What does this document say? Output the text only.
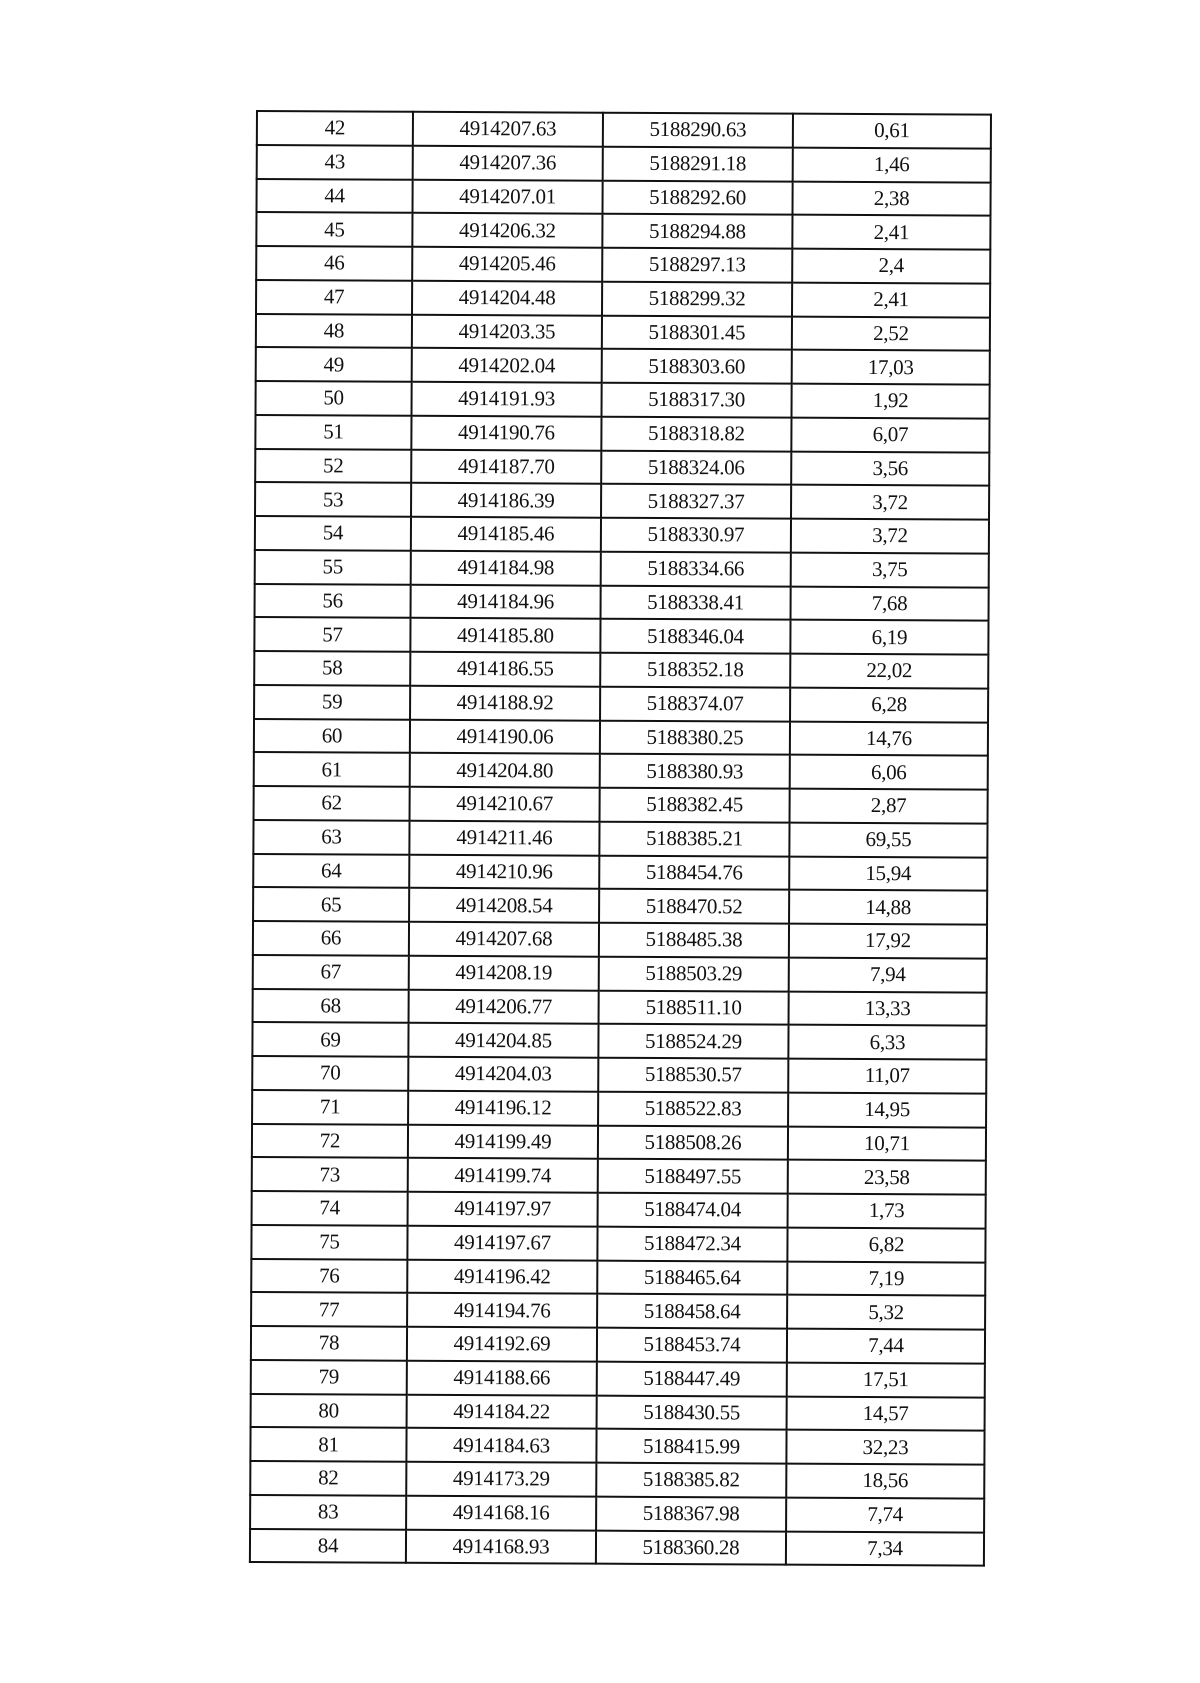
42	4914207.63	5188290.63	0,61
43	4914207.36	5188291.18	1,46
44	4914207.01	5188292.60	2,38
45	4914206.32	5188294.88	2,41
46	4914205.46	5188297.13	2,4
47	4914204.48	5188299.32	2,41
48	4914203.35	5188301.45	2,52
49	4914202.04	5188303.60	17,03
50	4914191.93	5188317.30	1,92
51	4914190.76	5188318.82	6,07
52	4914187.70	5188324.06	3,56
53	4914186.39	5188327.37	3,72
54	4914185.46	5188330.97	3,72
55	4914184.98	5188334.66	3,75
56	4914184.96	5188338.41	7,68
57	4914185.80	5188346.04	6,19
58	4914186.55	5188352.18	22,02
59	4914188.92	5188374.07	6,28
60	4914190.06	5188380.25	14,76
61	4914204.80	5188380.93	6,06
62	4914210.67	5188382.45	2,87
63	4914211.46	5188385.21	69,55
64	4914210.96	5188454.76	15,94
65	4914208.54	5188470.52	14,88
66	4914207.68	5188485.38	17,92
67	4914208.19	5188503.29	7,94
68	4914206.77	5188511.10	13,33
69	4914204.85	5188524.29	6,33
70	4914204.03	5188530.57	11,07
71	4914196.12	5188522.83	14,95
72	4914199.49	5188508.26	10,71
73	4914199.74	5188497.55	23,58
74	4914197.97	5188474.04	1,73
75	4914197.67	5188472.34	6,82
76	4914196.42	5188465.64	7,19
77	4914194.76	5188458.64	5,32
78	4914192.69	5188453.74	7,44
79	4914188.66	5188447.49	17,51
80	4914184.22	5188430.55	14,57
81	4914184.63	5188415.99	32,23
82	4914173.29	5188385.82	18,56
83	4914168.16	5188367.98	7,74
84	4914168.93	5188360.28	7,34
